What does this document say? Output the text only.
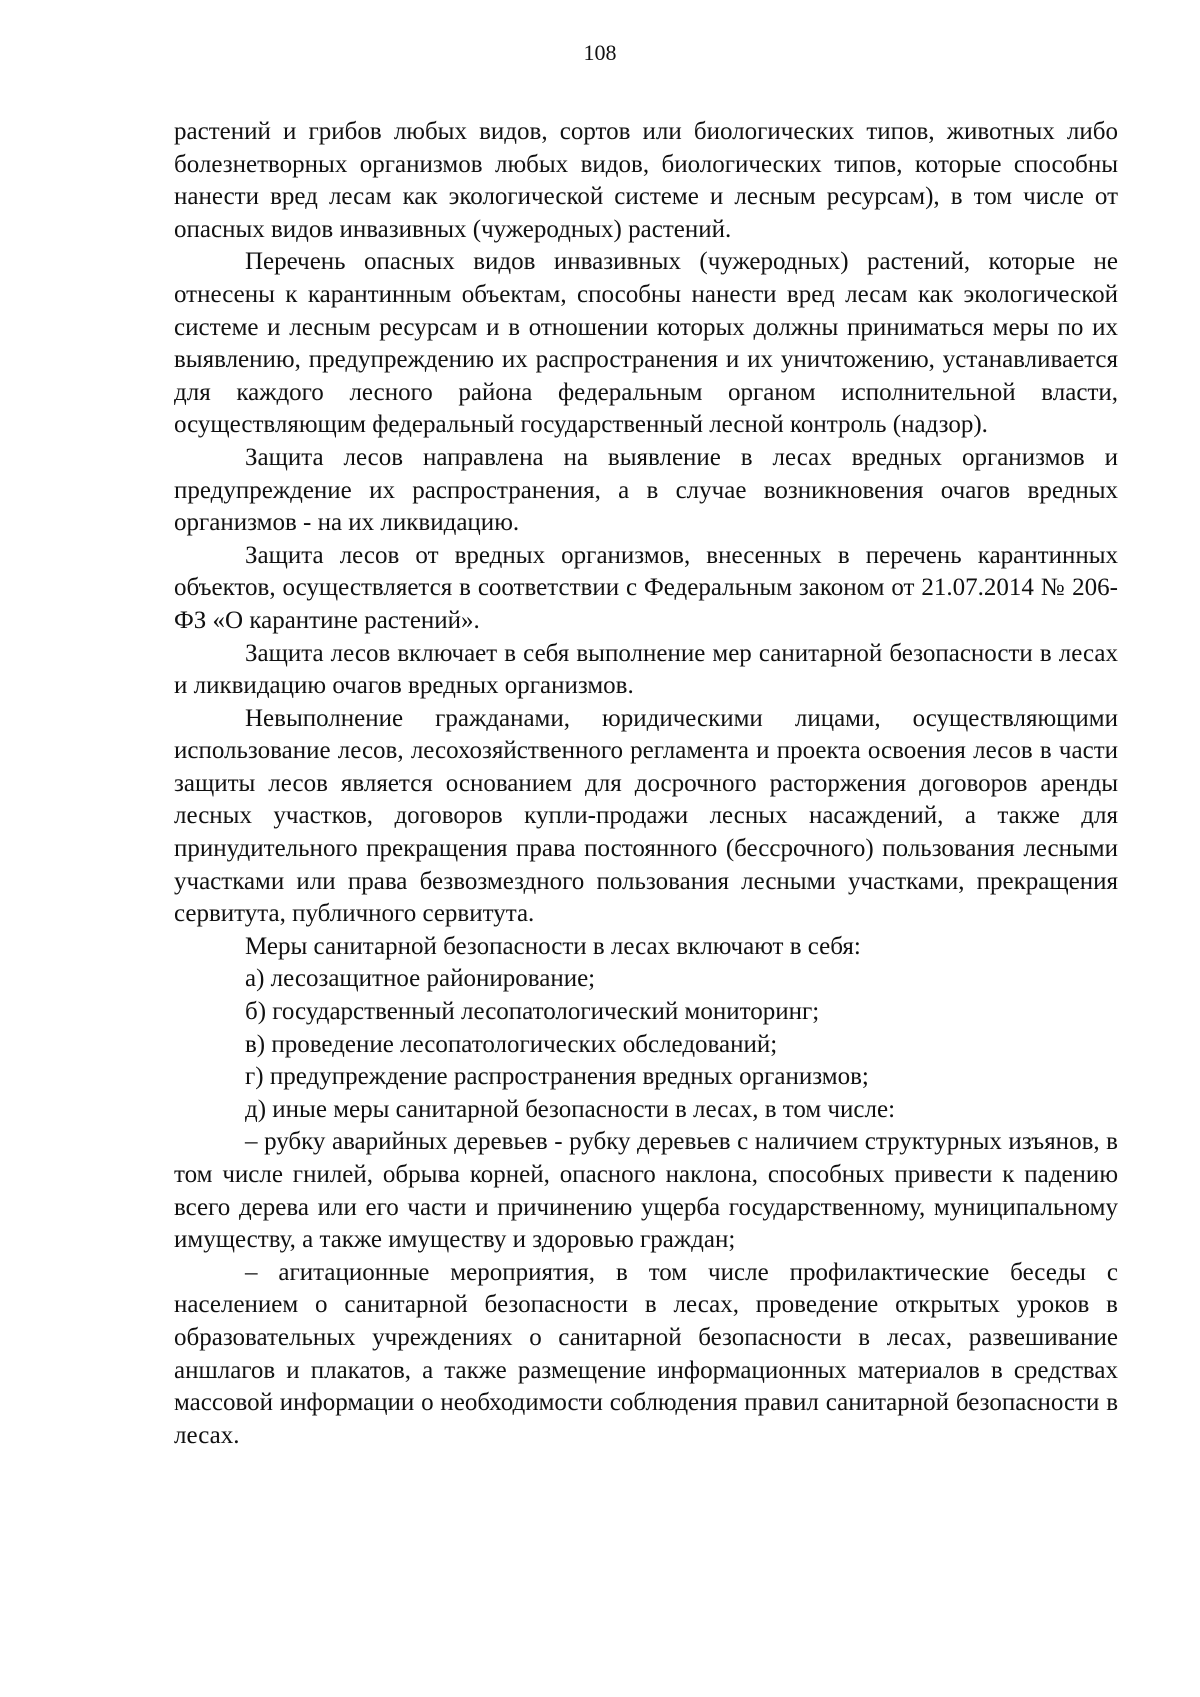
108

растений и грибов любых видов, сортов или биологических типов, животных либо болезнетворных организмов любых видов, биологических типов, которые способны нанести вред лесам как экологической системе и лесным ресурсам), в том числе от опасных видов инвазивных (чужеродных) растений.

Перечень опасных видов инвазивных (чужеродных) растений, которые не отнесены к карантинным объектам, способны нанести вред лесам как экологической системе и лесным ресурсам и в отношении которых должны приниматься меры по их выявлению, предупреждению их распространения и их уничтожению, устанавливается для каждого лесного района федеральным органом исполнительной власти, осуществляющим федеральный государственный лесной контроль (надзор).

Защита лесов направлена на выявление в лесах вредных организмов и предупреждение их распространения, а в случае возникновения очагов вредных организмов - на их ликвидацию.

Защита лесов от вредных организмов, внесенных в перечень карантинных объектов, осуществляется в соответствии с Федеральным законом от 21.07.2014 № 206-ФЗ «О карантине растений».

Защита лесов включает в себя выполнение мер санитарной безопасности в лесах и ликвидацию очагов вредных организмов.

Невыполнение гражданами, юридическими лицами, осуществляющими использование лесов, лесохозяйственного регламента и проекта освоения лесов в части защиты лесов является основанием для досрочного расторжения договоров аренды лесных участков, договоров купли-продажи лесных насаждений, а также для принудительного прекращения права постоянного (бессрочного) пользования лесными участками или права безвозмездного пользования лесными участками, прекращения сервитута, публичного сервитута.

Меры санитарной безопасности в лесах включают в себя:

а) лесозащитное районирование;

б) государственный лесопатологический мониторинг;

в) проведение лесопатологических обследований;

г) предупреждение распространения вредных организмов;

д) иные меры санитарной безопасности в лесах, в том числе:

– рубку аварийных деревьев - рубку деревьев с наличием структурных изъянов, в том числе гнилей, обрыва корней, опасного наклона, способных привести к падению всего дерева или его части и причинению ущерба государственному, муниципальному имуществу, а также имуществу и здоровью граждан;

– агитационные мероприятия, в том числе профилактические беседы с населением о санитарной безопасности в лесах, проведение открытых уроков в образовательных учреждениях о санитарной безопасности в лесах, развешивание аншлагов и плакатов, а также размещение информационных материалов в средствах массовой информации о необходимости соблюдения правил санитарной безопасности в лесах.
